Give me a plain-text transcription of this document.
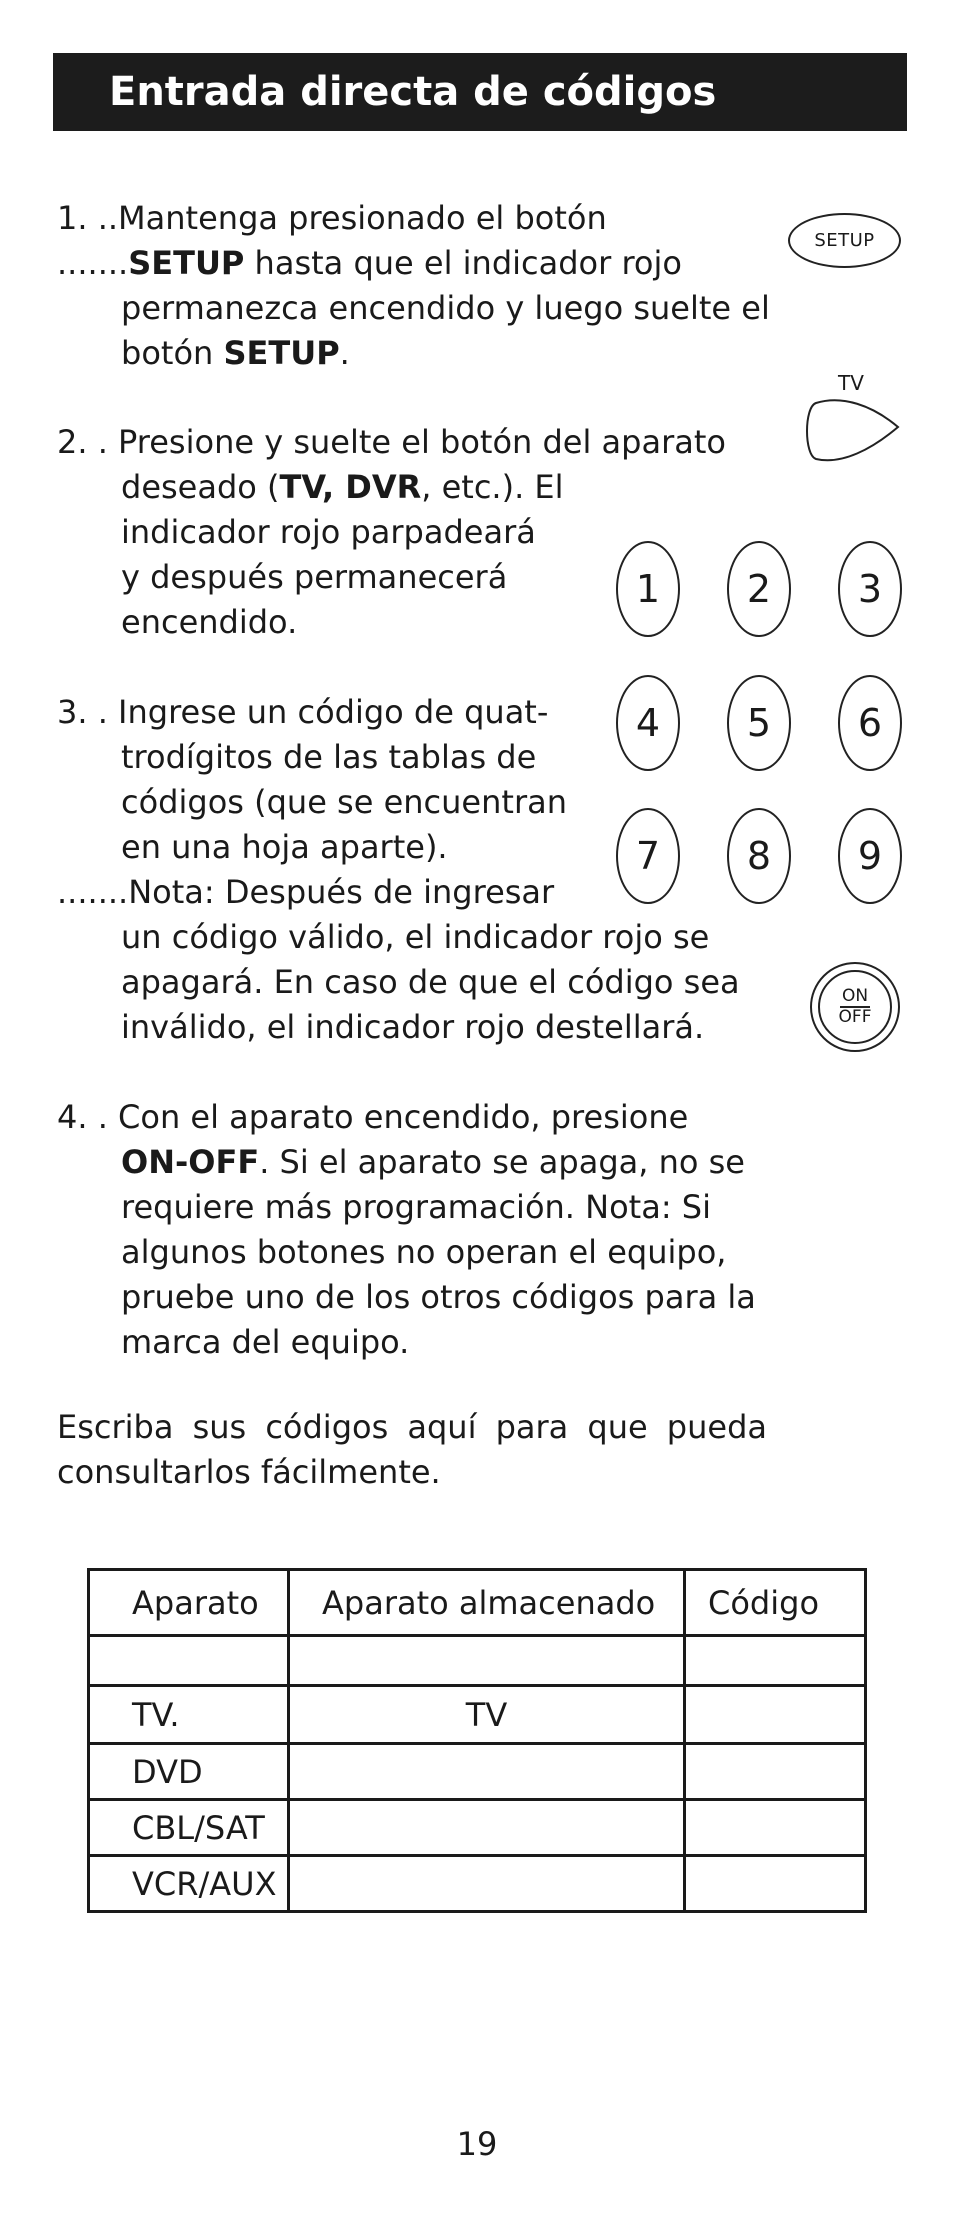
Entrada directa de códigos
1. ..Mantenga presionado el botón
.......SETUP hasta que el indicador rojo
permanezca encendido y luego suelte el
botón SETUP.
2. . Presione y suelte el botón del aparato
deseado (TV, DVR, etc.). El
indicador rojo parpadeará
y después permanecerá
encendido.
3. . Ingrese un código de quat-
trodígitos de las tablas de
códigos (que se encuentran
en una hoja aparte).
.......Nota: Después de ingresar
un código válido, el indicador rojo se
apagará. En caso de que el código sea
inválido, el indicador rojo destellará.
4. . Con el aparato encendido, presione
ON-OFF. Si el aparato se apaga, no se
requiere más programación. Nota: Si
algunos botones no operan el equipo,
pruebe uno de los otros códigos para la
marca del equipo.
Escriba sus códigos aquí para que pueda
consultarlos fácilmente.
SETUP
TV
1	2	3
4	5	6
7	8	9
ON
OFF
Aparato	Aparato almacenado	Código

TV.	TV	
DVD		
CBL/SAT		
VCR/AUX		
19
